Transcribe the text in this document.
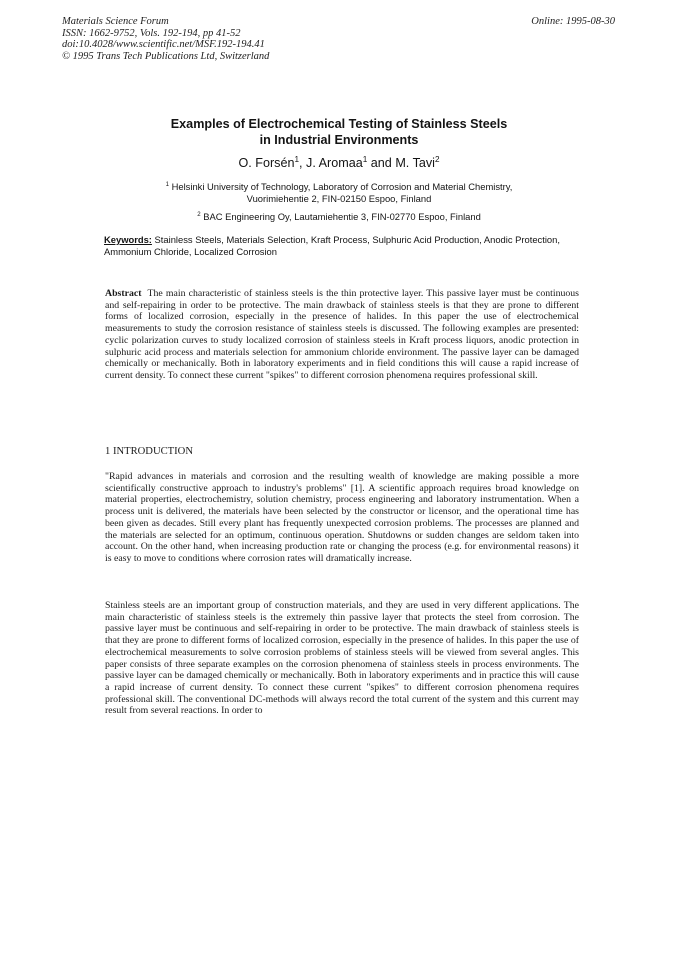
Materials Science Forum
ISSN: 1662-9752, Vols. 192-194, pp 41-52
doi:10.4028/www.scientific.net/MSF.192-194.41
© 1995 Trans Tech Publications Ltd, Switzerland
Online: 1995-08-30
Examples of Electrochemical Testing of Stainless Steels
in Industrial Environments
O. Forsén$^1$, J. Aromaa$^1$ and M. Tavi$^2$
$^1$ Helsinki University of Technology, Laboratory of Corrosion and Material Chemistry,
Vuorimiehentie 2, FIN-02150 Espoo, Finland
$^2$ BAC Engineering Oy, Lautamiehentie 3, FIN-02770 Espoo, Finland
Keywords: Stainless Steels, Materials Selection, Kraft Process, Sulphuric Acid Production, Anodic Protection, Ammonium Chloride, Localized Corrosion
Abstract The main characteristic of stainless steels is the thin protective layer. This passive layer must be continuous and self-repairing in order to be protective. The main drawback of stainless steels is that they are prone to different forms of localized corrosion, especially in the presence of halides. In this paper the use of electrochemical measurements to study the corrosion resistance of stainless steels is discussed. The following examples are presented: cyclic polarization curves to study localized corrosion of stainless steels in Kraft process liquors, anodic protection in sulphuric acid process and materials selection for ammonium chloride environment. The passive layer can be damaged chemically or mechanically. Both in laboratory experiments and in field conditions this will cause a rapid increase of current density. To connect these current "spikes" to different corrosion phenomena requires professional skill.
1 INTRODUCTION
"Rapid advances in materials and corrosion and the resulting wealth of knowledge are making possible a more scientifically constructive approach to industry's problems" [1]. A scientific approach requires broad knowledge on material properties, electrochemistry, solution chemistry, process engineering and laboratory instrumentation. When a process unit is delivered, the materials have been selected by the constructor or licensor, and the operational time has been given as decades. Still every plant has frequently unexpected corrosion problems. The processes are planned and the materials are selected for an optimum, continuous operation. Shutdowns or sudden changes are seldom taken into account. On the other hand, when increasing production rate or changing the process (e.g. for environmental reasons) it is easy to move to conditions where corrosion rates will dramatically increase.
Stainless steels are an important group of construction materials, and they are used in very different applications. The main characteristic of stainless steels is the extremely thin passive layer that protects the steel from corrosion. The passive layer must be continuous and self-repairing in order to be protective. The main drawback of stainless steels is that they are prone to different forms of localized corrosion, especially in the presence of halides. In this paper the use of electrochemical measurements to solve corrosion problems of stainless steels will be viewed from several angles. This paper consists of three separate examples on the corrosion phenomena of stainless steels in process environments. The passive layer can be damaged chemically or mechanically. Both in laboratory experiments and in practice this will cause a rapid increase of current density. To connect these current "spikes" to different corrosion phenomena requires professional skill. The conventional DC-methods will always record the total current of the system and this current may result from several reactions. In order to
